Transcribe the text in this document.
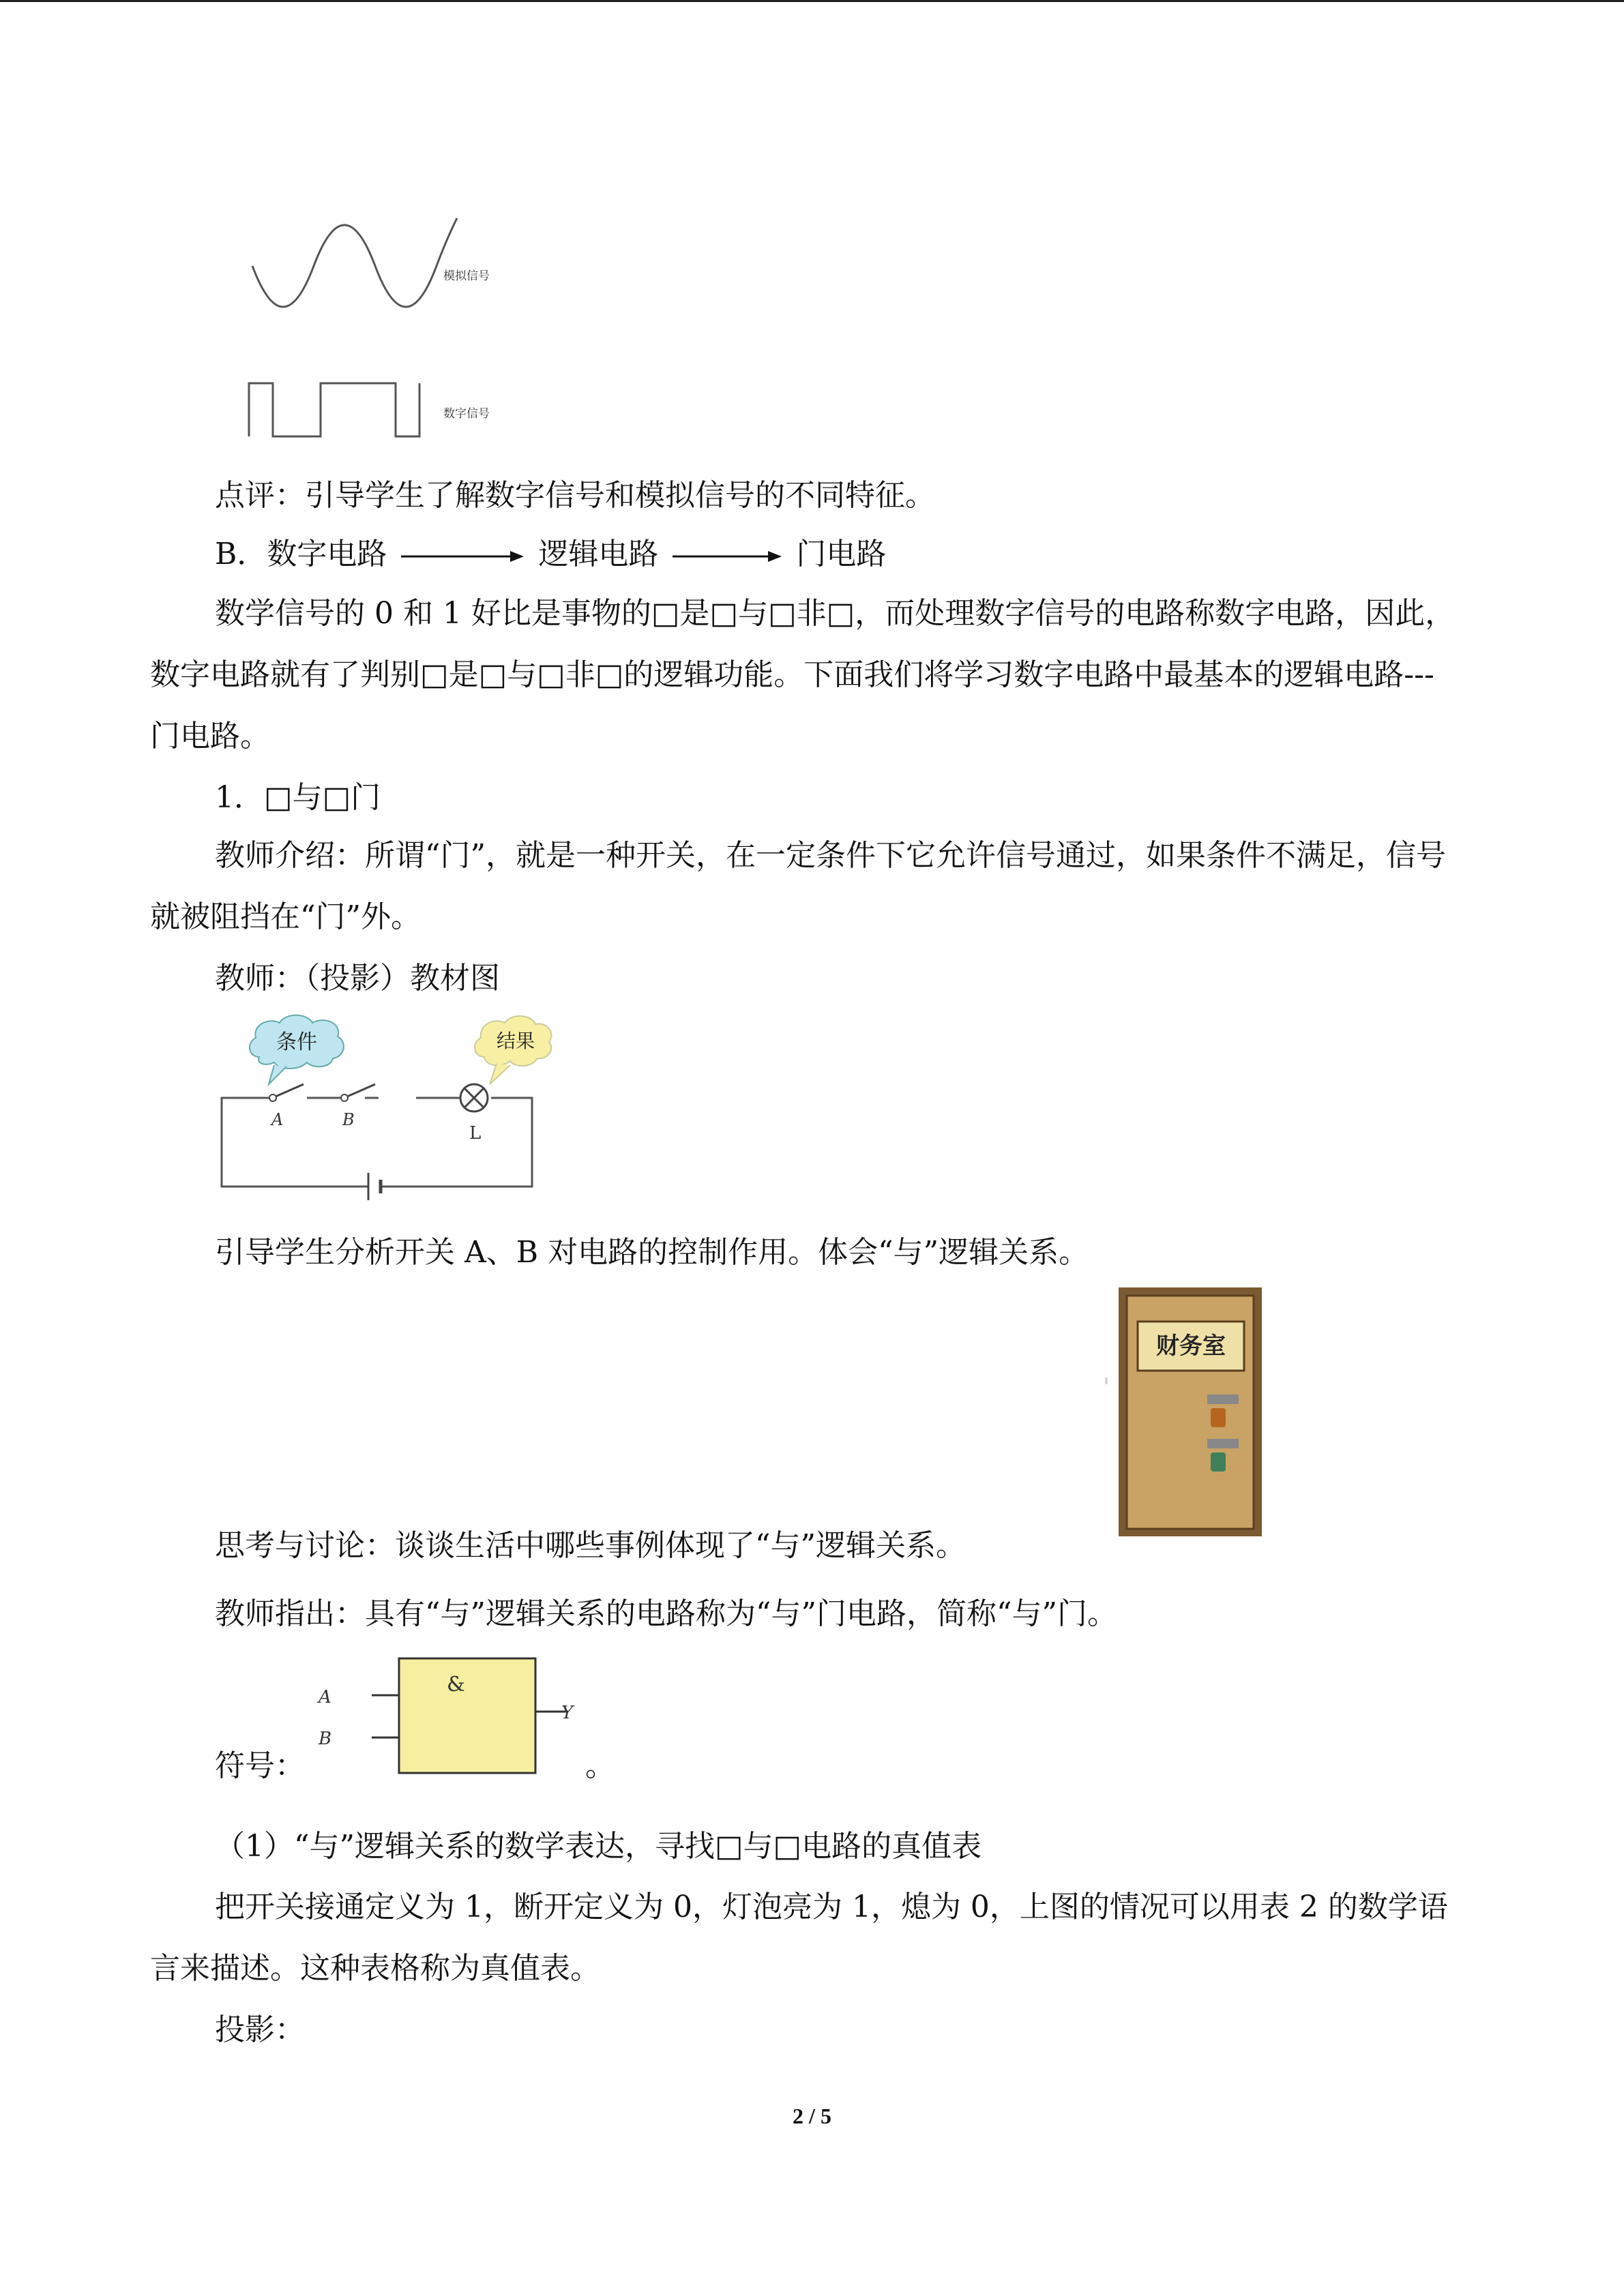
模拟信号
数字信号
点评：引导学生了解数字信号和模拟信号的不同特征。
B．数字电路	逻辑电路	门电路
数学信号的 0 和 1 好比是事物的□是□与□非□，而处理数字信号的电路称数字电路，因此，数字电路就有了判别□是□与□非□的逻辑功能。下面我们将学习数字电路中最基本的逻辑电路---门电路。
1．□与□门
教师介绍：所谓“门”，就是一种开关，在一定条件下它允许信号通过，如果条件不满足，信号就被阻挡在“门”外。
教师：（投影）教材图
条件	结果
A	B
L
引导学生分析开关 A、B 对电路的控制作用。体会“与”逻辑关系。
财务室
思考与讨论：谈谈生活中哪些事例体现了“与”逻辑关系。
教师指出：具有“与”逻辑关系的电路称为“与”门电路，简称“与”门。
&
A
B
Y
符号：	。
（1）“与”逻辑关系的数学表达，寻找□与□电路的真值表
把开关接通定义为 1，断开定义为 0，灯泡亮为 1，熄为 0，上图的情况可以用表 2 的数学语言来描述。这种表格称为真值表。
投影：
2 / 5
